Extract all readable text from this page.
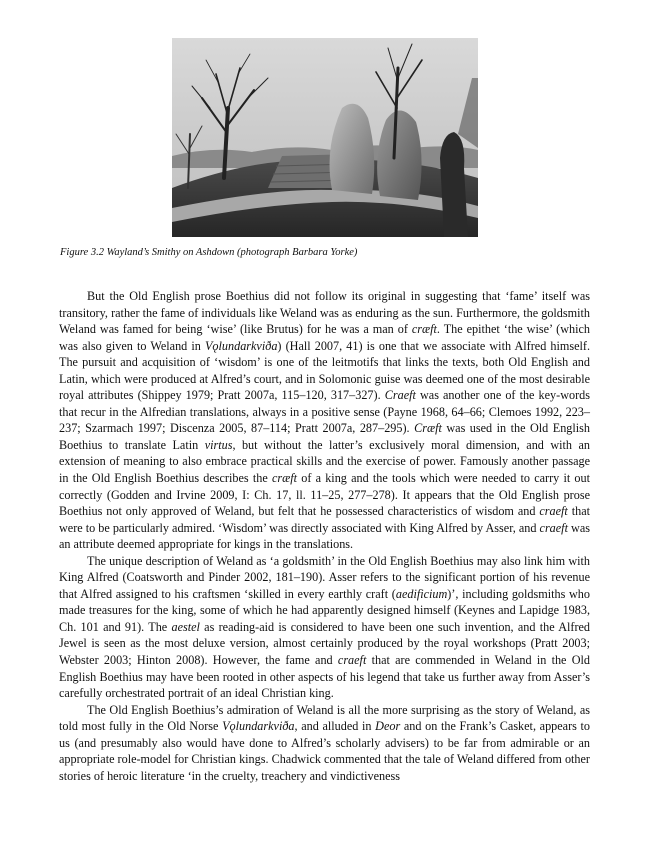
Figure 3.2 Wayland’s Smithy on Ashdown (photograph Barbara Yorke)

But the Old English prose Boethius did not follow its original in suggesting that ‘fame’ itself was transitory, rather the fame of individuals like Weland was as enduring as the sun. Furthermore, the goldsmith Weland was famed for being ‘wise’ (like Brutus) for he was a man of cræft. The epithet ‘the wise’ (which was also given to Weland in Vǫlundarkviða) (Hall 2007, 41) is one that we associate with Alfred himself. The pursuit and acquisition of ‘wisdom’ is one of the leitmotifs that links the texts, both Old English and Latin, which were produced at Alfred’s court, and in Solomonic guise was deemed one of the most desirable royal attributes (Shippey 1979; Pratt 2007a, 115–120, 317–327). Craeft was another one of the key-words that recur in the Alfredian translations, always in a positive sense (Payne 1968, 64–66; Clemoes 1992, 223–237; Szarmach 1997; Discenza 2005, 87–114; Pratt 2007a, 287–295). Cræft was used in the Old English Boethius to translate Latin virtus, but without the latter’s exclusively moral dimension, and with an extension of meaning to also embrace practical skills and the exercise of power. Famously another passage in the Old English Boethius describes the cræft of a king and the tools which were needed to carry it out correctly (Godden and Irvine 2009, I: Ch. 17, ll. 11–25, 277–278). It appears that the Old English prose Boethius not only approved of Weland, but felt that he possessed characteristics of wisdom and craeft that were to be particularly admired. ‘Wisdom’ was directly associated with King Alfred by Asser, and craeft was an attribute deemed appropriate for kings in the translations.

The unique description of Weland as ‘a goldsmith’ in the Old English Boethius may also link him with King Alfred (Coatsworth and Pinder 2002, 181–190). Asser refers to the significant portion of his revenue that Alfred assigned to his craftsmen ‘skilled in every earthly craft (aedificium)’, including goldsmiths who made treasures for the king, some of which he had apparently designed himself (Keynes and Lapidge 1983, Ch. 101 and 91). The aestel as reading-aid is considered to have been one such invention, and the Alfred Jewel is seen as the most deluxe version, almost certainly produced by the royal workshops (Pratt 2003; Webster 2003; Hinton 2008). However, the fame and craeft that are commended in Weland in the Old English Boethius may have been rooted in other aspects of his legend that take us further away from Asser’s carefully orchestrated portrait of an ideal Christian king.

The Old English Boethius’s admiration of Weland is all the more surprising as the story of Weland, as told most fully in the Old Norse Vǫlundarkviða, and alluded in Deor and on the Frank’s Casket, appears to us (and presumably also would have done to Alfred’s scholarly advisers) to be far from admirable or an appropriate role-model for Christian kings. Chadwick commented that the tale of Weland differed from other stories of heroic literature ‘in the cruelty, treachery and vindictiveness
